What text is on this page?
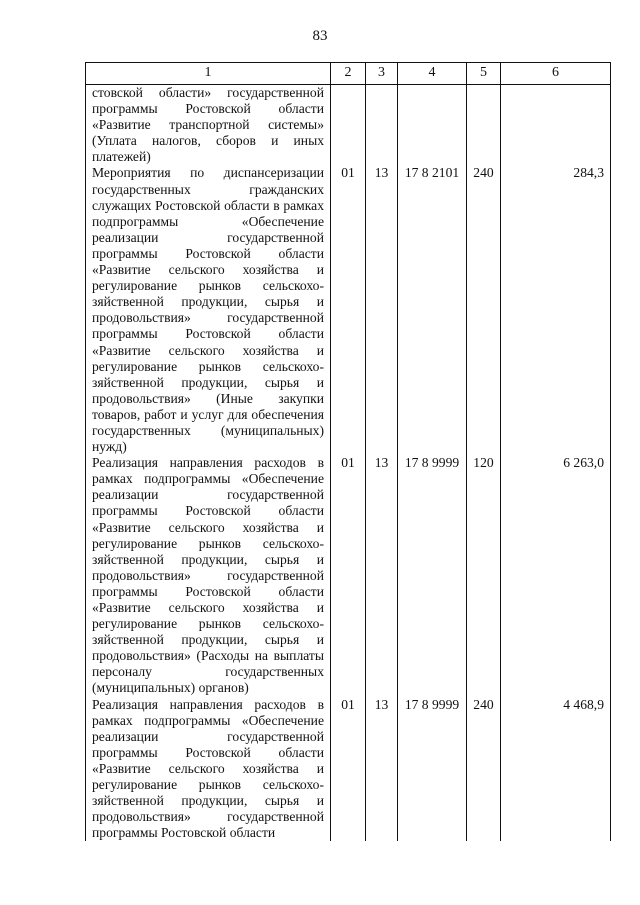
83
1	2	3	4	5	6
стовской области» государственной программы Ростовской области «Развитие транспортной системы» (Уплата налогов, сборов и иных платежей)					
Мероприятия по диспансеризации государственных гражданских служащих Ростовской области в рамках подпрограммы «Обеспечение реализации государственной программы Ростовской области «Развитие сельского хозяйства и регулирование рынков сельскохозяйственной продукции, сырья и продовольствия» государственной программы Ростовской области «Развитие сельского хозяйства и регулирование рынков сельскохозяйственной продукции, сырья и продовольствия» (Иные закупки товаров, работ и услуг для обеспечения государственных (муниципальных) нужд)	01	13	17 8 2101	240	284,3
Реализация направления расходов в рамках подпрограммы «Обеспечение реализации государственной программы Ростовской области «Развитие сельского хозяйства и регулирование рынков сельскохозяйственной продукции, сырья и продовольствия» государственной программы Ростовской области «Развитие сельского хозяйства и регулирование рынков сельскохозяйственной продукции, сырья и продовольствия» (Расходы на выплаты персоналу государственных (муниципальных) органов)	01	13	17 8 9999	120	6 263,0
Реализация направления расходов в рамках подпрограммы «Обеспечение реализации государственной программы Ростовской области «Развитие сельского хозяйства и регулирование рынков сельскохозяйственной продукции, сырья и продовольствия» государственной программы Ростовской области	01	13	17 8 9999	240	4 468,9
